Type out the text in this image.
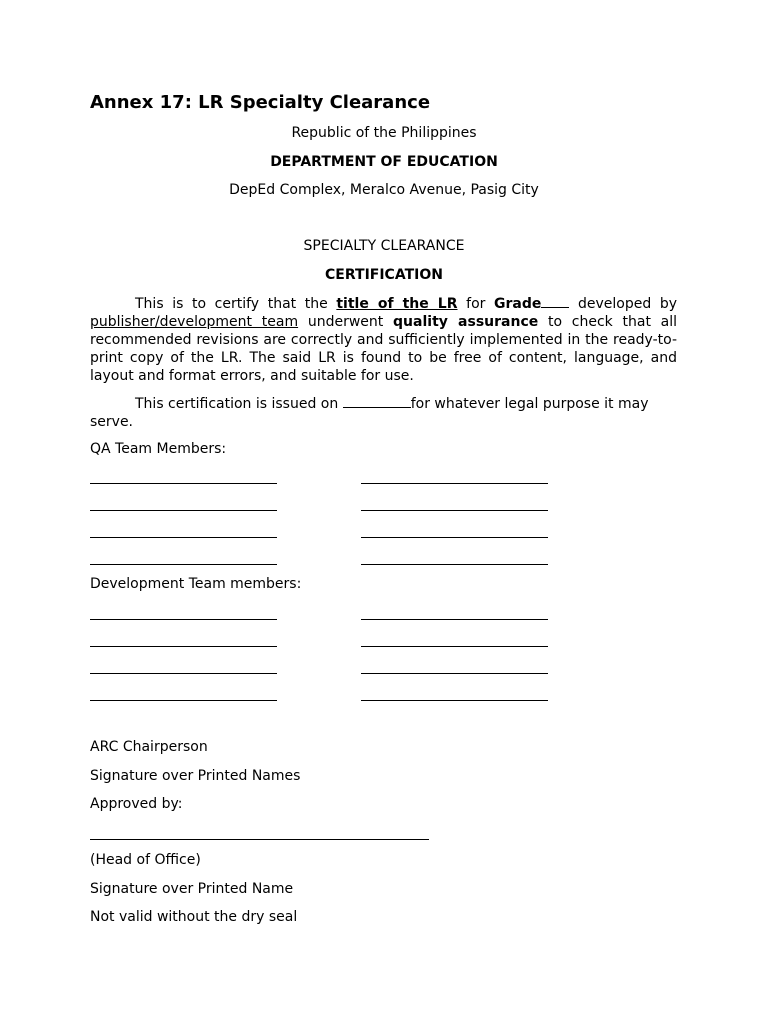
Annex 17: LR Specialty Clearance
Republic of the Philippines
DEPARTMENT OF EDUCATION
DepEd Complex, Meralco Avenue, Pasig City
SPECIALTY CLEARANCE
CERTIFICATION
This is to certify that the title of the LR for Grade	developed by publisher/development team underwent quality assurance to check that all recommended revisions are correctly and sufficiently implemented in the ready-to-print copy of the LR. The said LR is found to be free of content, language, and layout and format errors, and suitable for use.
This certification is issued on	for whatever legal purpose it may serve.
QA Team Members:
Development Team members:
ARC Chairperson
Signature over Printed Names
Approved by:
(Head of Office)
Signature over Printed Name
Not valid without the dry seal
